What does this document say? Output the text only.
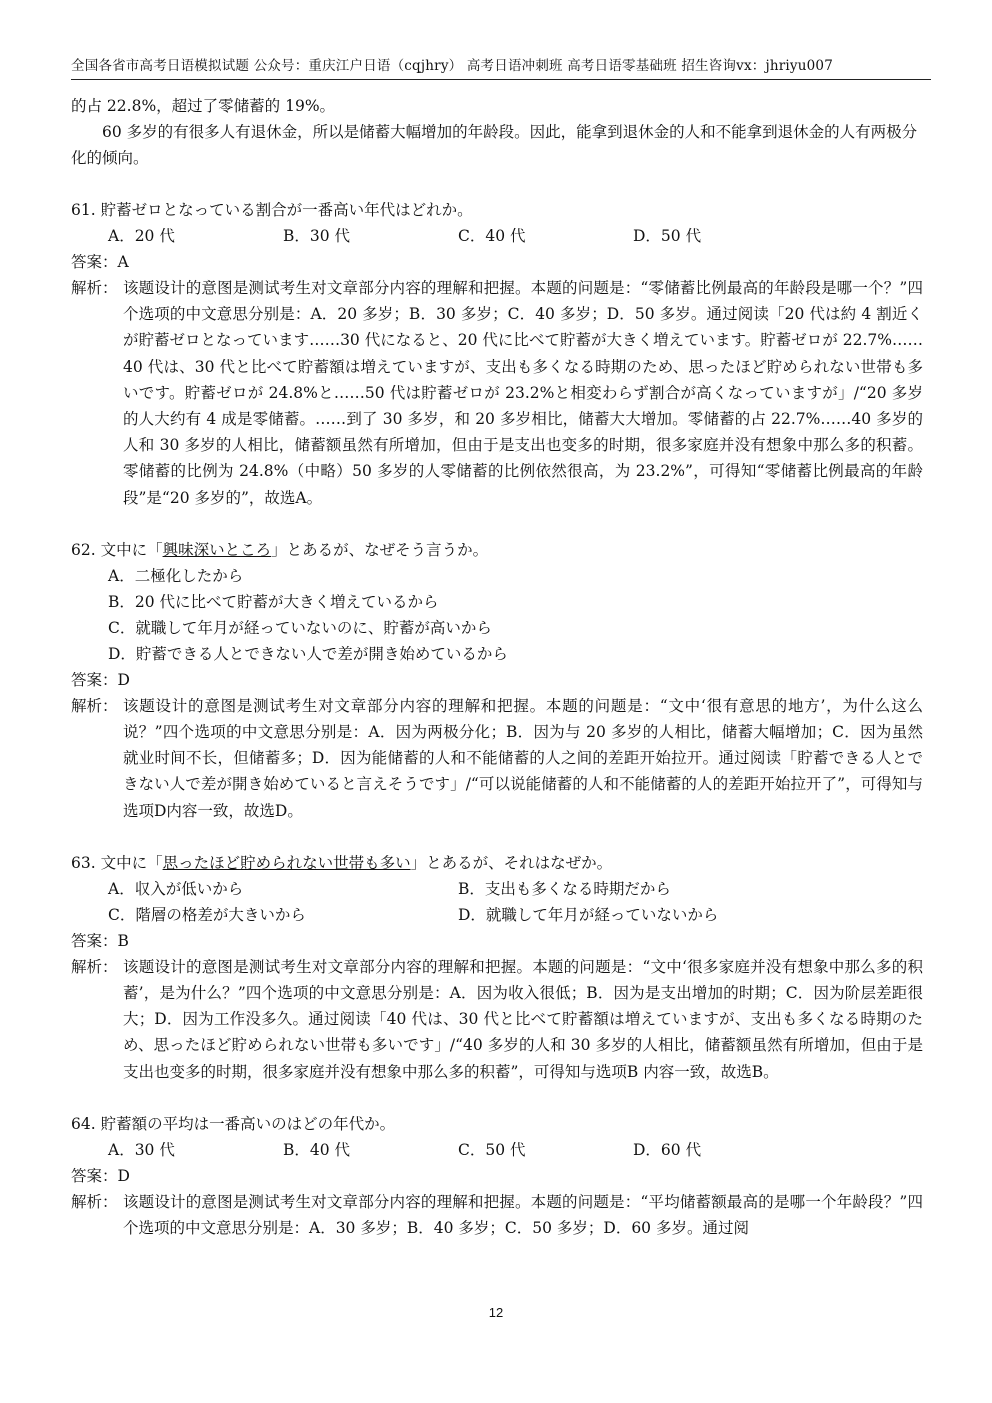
全国各省市高考日语模拟试题 公众号：重庆江户日语（cqjhry） 高考日语冲刺班 高考日语零基础班 招生咨询vx：jhriyu007

的占 22.8%，超过了零储蓄的 19%。

60 多岁的有很多人有退休金，所以是储蓄大幅增加的年龄段。因此，能拿到退休金的人和不能拿到退休金的人有两极分化的倾向。

61. 貯蓄ゼロとなっている割合が一番高い年代はどれか。

A．20 代	B．30 代	C．40 代	D．50 代

答案：A

解析： 该题设计的意图是测试考生对文章部分内容的理解和把握。本题的问题是：“零储蓄比例最高的年龄段是哪一个？”四个选项的中文意思分别是：A．20 多岁；B．30 多岁；C．40 多岁；D．50 多岁。通过阅读「20 代は約 4 割近くが貯蓄ゼロとなっています……30 代になると、20 代に比べて貯蓄が大きく増えています。貯蓄ゼロが 22.7%……40 代は、30 代と比べて貯蓄額は増えていますが、支出も多くなる時期のため、思ったほど貯められない世帯も多いです。貯蓄ゼロが 24.8%と……50 代は貯蓄ゼロが 23.2%と相変わらず割合が高くなっていますが」/“20 多岁的人大约有 4 成是零储蓄。……到了 30 多岁，和 20 多岁相比，储蓄大大增加。零储蓄的占 22.7%……40 多岁的人和 30 多岁的人相比，储蓄额虽然有所增加，但由于是支出也变多的时期，很多家庭并没有想象中那么多的积蓄。零储蓄的比例为 24.8%（中略）50 多岁的人零储蓄的比例依然很高，为 23.2%”，可得知“零储蓄比例最高的年龄段”是“20 多岁的”，故选A。

62. 文中に「興味深いところ」とあるが、なぜそう言うか。

A．二極化したから
B．20 代に比べて貯蓄が大きく増えているから
C．就職して年月が経っていないのに、貯蓄が高いから
D．貯蓄できる人とできない人で差が開き始めているから

答案：D

解析： 该题设计的意图是测试考生对文章部分内容的理解和把握。本题的问题是：“文中‘很有意思的地方’，为什么这么说？”四个选项的中文意思分别是：A．因为两极分化；B．因为与 20 多岁的人相比，储蓄大幅增加；C．因为虽然就业时间不长，但储蓄多；D．因为能储蓄的人和不能储蓄的人之间的差距开始拉开。通过阅读「貯蓄できる人とできない人で差が開き始めていると言えそうです」/“可以说能储蓄的人和不能储蓄的人的差距开始拉开了”，可得知与选项D内容一致，故选D。

63. 文中に「思ったほど貯められない世帯も多い」とあるが、それはなぜか。

A．収入が低いから	B．支出も多くなる時期だから
C．階層の格差が大きいから	D．就職して年月が経っていないから

答案：B

解析： 该题设计的意图是测试考生对文章部分内容的理解和把握。本题的问题是：“文中‘很多家庭并没有想象中那么多的积蓄’，是为什么？”四个选项的中文意思分别是：A．因为收入很低；B．因为是支出增加的时期；C．因为阶层差距很大；D．因为工作没多久。通过阅读「40 代は、30 代と比べて貯蓄額は増えていますが、支出も多くなる時期のため、思ったほど貯められない世帯も多いです」/“40 多岁的人和 30 多岁的人相比，储蓄额虽然有所增加，但由于是支出也变多的时期，很多家庭并没有想象中那么多的积蓄”，可得知与选项B 内容一致，故选B。

64. 貯蓄額の平均は一番高いのはどの年代か。

A．30 代	B．40 代	C．50 代	D．60 代

答案：D

解析： 该题设计的意图是测试考生对文章部分内容的理解和把握。本题的问题是：“平均储蓄额最高的是哪一个年龄段？”四个选项的中文意思分别是：A．30 多岁；B．40 多岁；C．50 多岁；D．60 多岁。通过阅
12
